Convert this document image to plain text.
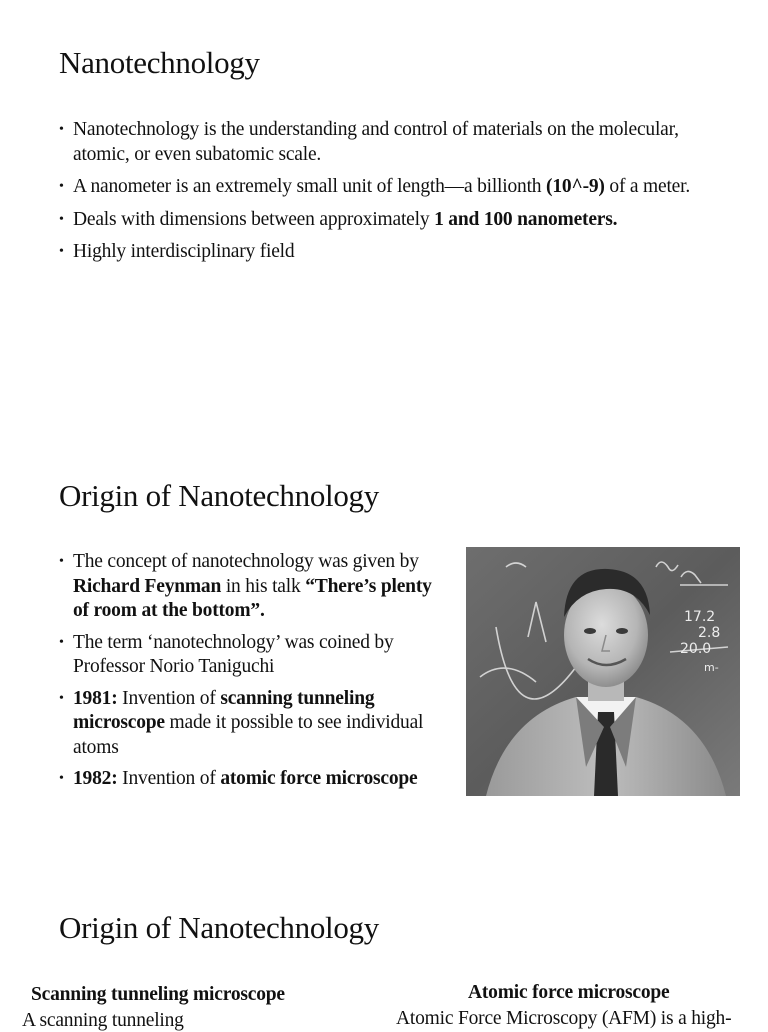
Nanotechnology
• Nanotechnology is the understanding and control of materials on the molecular, atomic, or even subatomic scale.
• A nanometer is an extremely small unit of length—a billionth (10^-9) of a meter.
• Deals with dimensions between approximately 1 and 100 nanometers.
• Highly interdisciplinary field
Origin of Nanotechnology
• The concept of nanotechnology was given by Richard Feynman in his talk “There’s plenty of room at the bottom”.
• The term ‘nanotechnology’ was coined by Professor Norio Taniguchi
• 1981: Invention of scanning tunneling microscope made it possible to see individual atoms
• 1982: Invention of atomic force microscope
17.2
2.8
20.0
m-
Origin of Nanotechnology
Scanning tunneling microscope
A scanning tunneling
Atomic force microscope
Atomic Force Microscopy (AFM) is a high-
